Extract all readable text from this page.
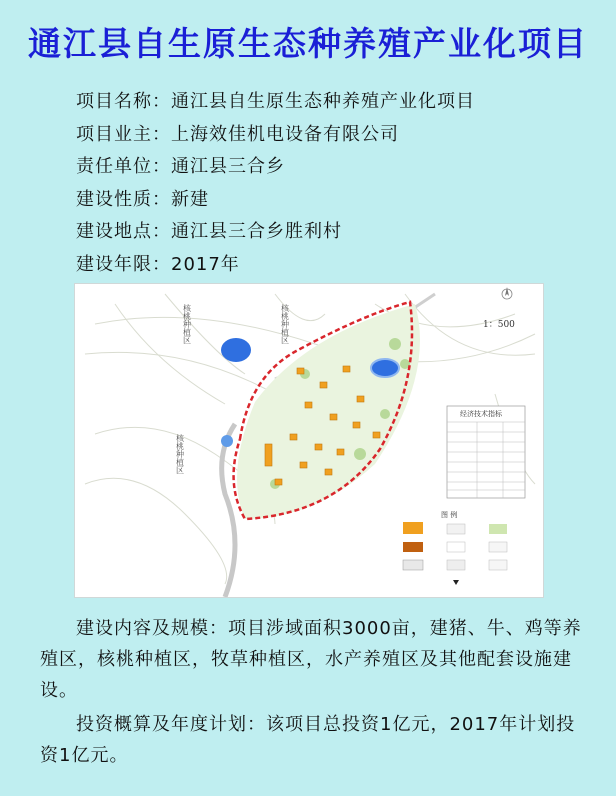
通江县自生原生态种养殖产业化项目
项目名称：通江县自生原生态种养殖产业化项目
项目业主：上海效佳机电设备有限公司
责任单位：通江县三合乡
建设性质：新建
建设地点：通江县三合乡胜利村
建设年限：2017年
核桃种植区	核桃种植区
核桃种植区
1：500
经济技术指标
图 例
建设内容及规模：项目涉域面积3000亩，建猪、牛、鸡等养殖区，核桃种植区，牧草种植区，水产养殖区及其他配套设施建设。
投资概算及年度计划：该项目总投资1亿元，2017年计划投资1亿元。
